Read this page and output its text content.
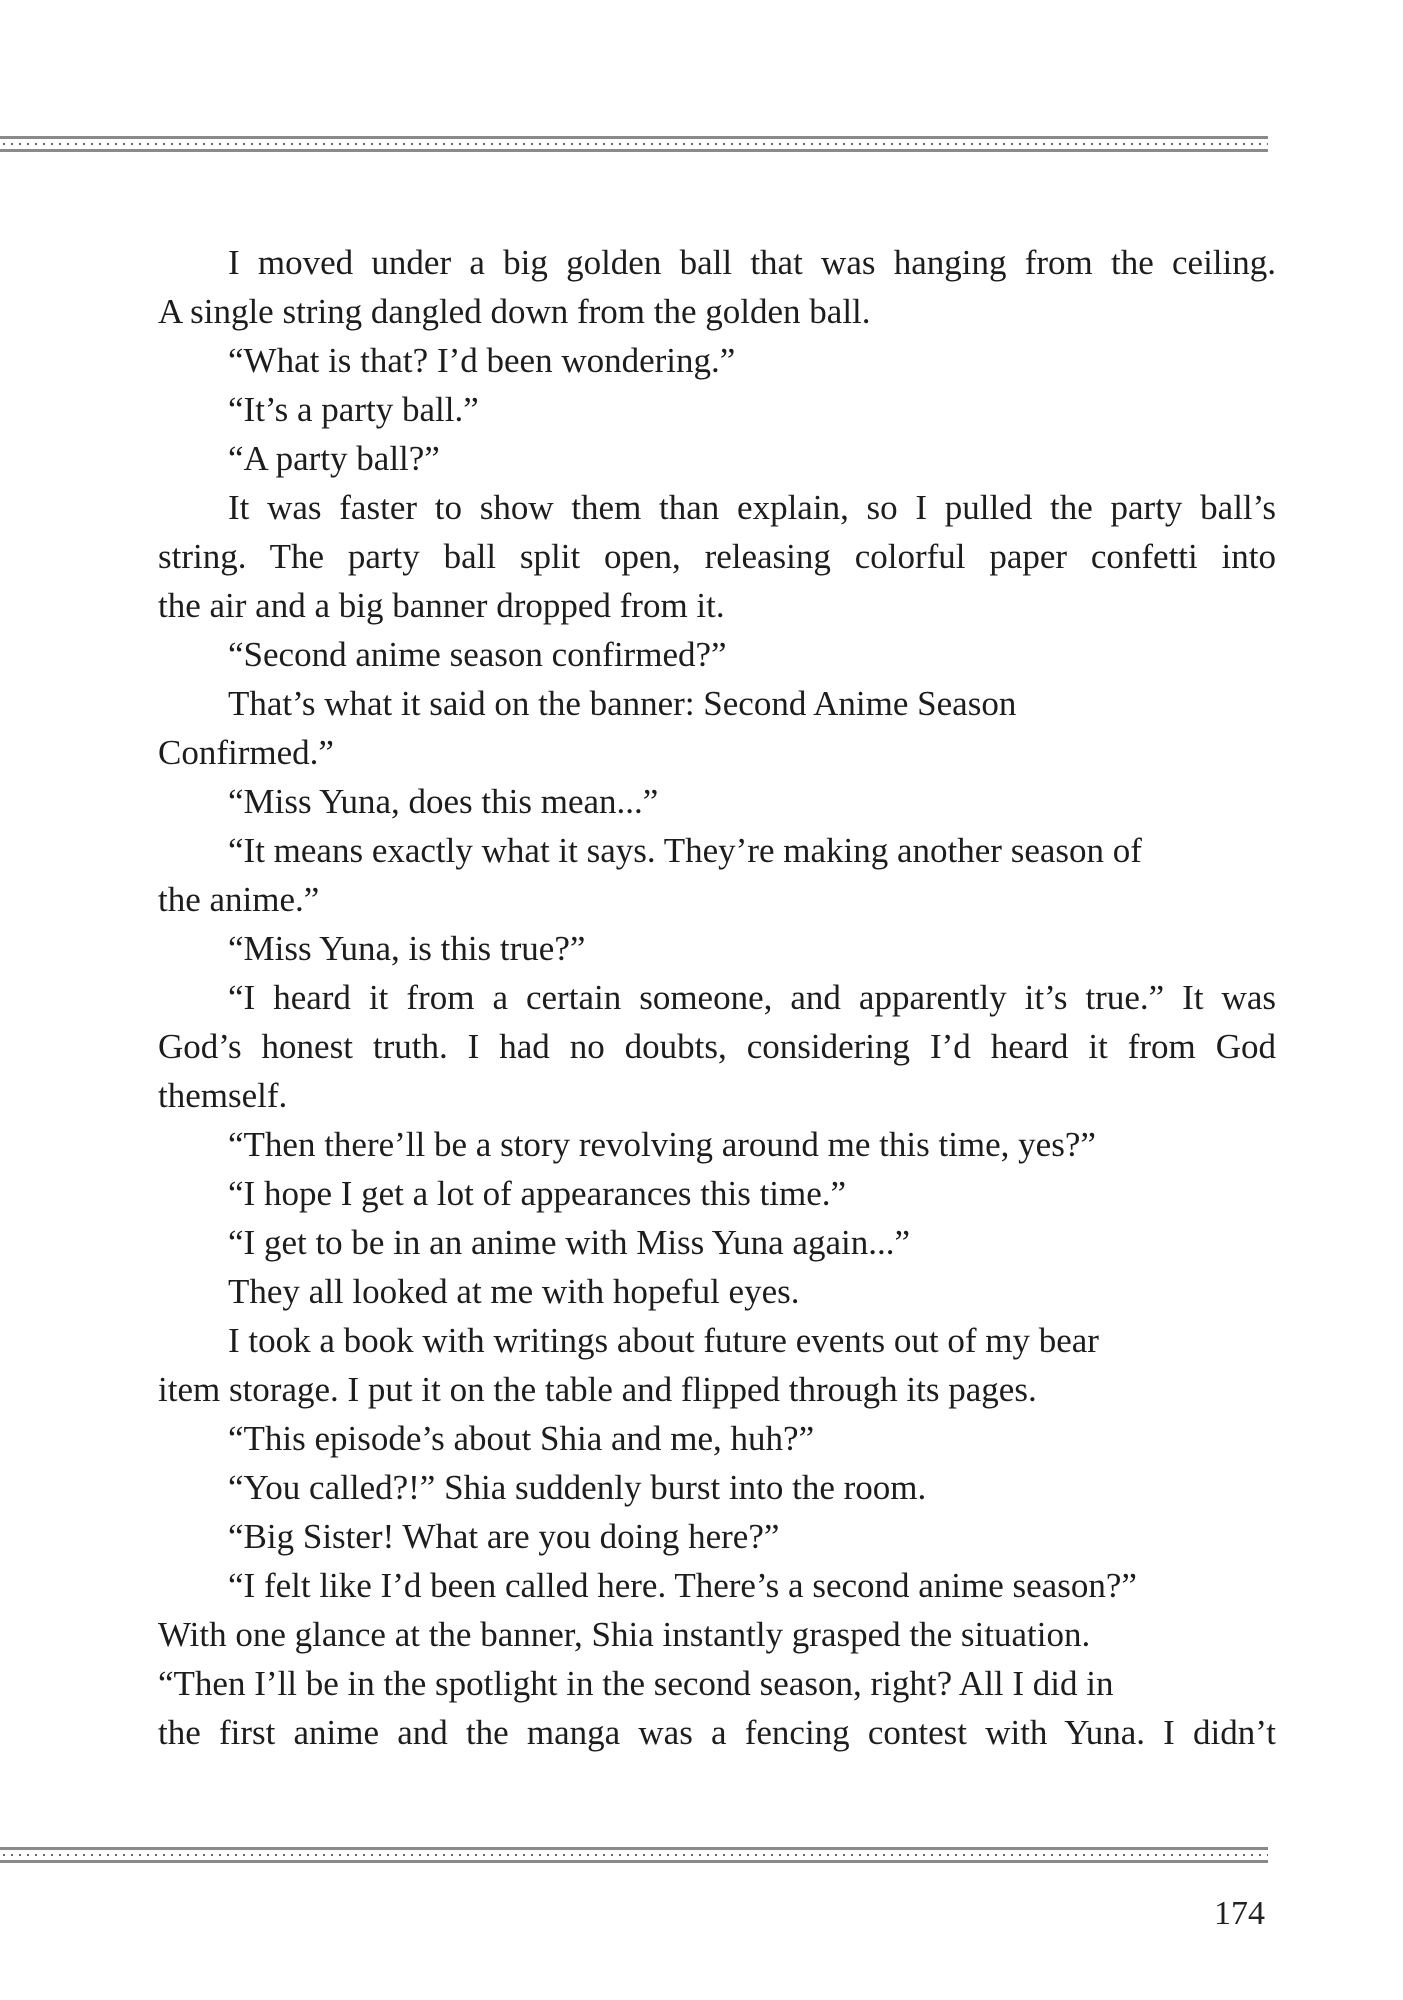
I moved under a big golden ball that was hanging from the ceiling.
A single string dangled down from the golden ball.
“What is that? I’d been wondering.”
“It’s a party ball.”
“A party ball?”
It was faster to show them than explain, so I pulled the party ball’s
string. The party ball split open, releasing colorful paper confetti into
the air and a big banner dropped from it.
“Second anime season confirmed?”
That’s what it said on the banner: Second Anime Season
Confirmed.”
“Miss Yuna, does this mean...”
“It means exactly what it says. They’re making another season of
the anime.”
“Miss Yuna, is this true?”
“I heard it from a certain someone, and apparently it’s true.” It was
God’s honest truth. I had no doubts, considering I’d heard it from God
themself.
“Then there’ll be a story revolving around me this time, yes?”
“I hope I get a lot of appearances this time.”
“I get to be in an anime with Miss Yuna again...”
They all looked at me with hopeful eyes.
I took a book with writings about future events out of my bear
item storage. I put it on the table and flipped through its pages.
“This episode’s about Shia and me, huh?”
“You called?!” Shia suddenly burst into the room.
“Big Sister! What are you doing here?”
“I felt like I’d been called here. There’s a second anime season?”
With one glance at the banner, Shia instantly grasped the situation.
“Then I’ll be in the spotlight in the second season, right? All I did in
the first anime and the manga was a fencing contest with Yuna. I didn’t
174
